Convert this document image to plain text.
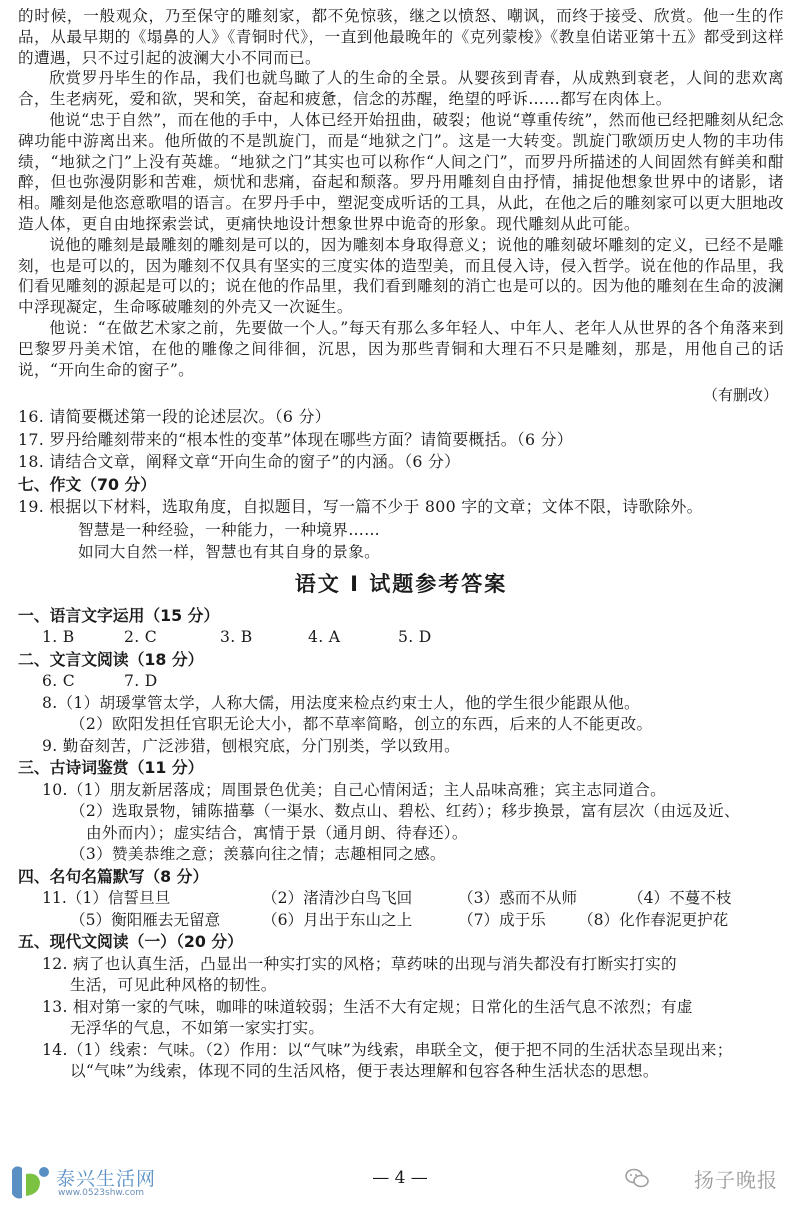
的时候，一般观众，乃至保守的雕刻家，都不免惊骇，继之以愤怒、嘲讽，而终于接受、欣赏。他一生的作品，从最早期的《塌鼻的人》《青铜时代》，一直到他最晚年的《克列蒙梭》《教皇伯诺亚第十五》都受到这样的遭遇，只不过引起的波澜大小不同而已。

欣赏罗丹毕生的作品，我们也就鸟瞰了人的生命的全景。从婴孩到青春，从成熟到衰老，人间的悲欢离合，生老病死，爱和欲，哭和笑，奋起和疲惫，信念的苏醒，绝望的呼诉……都写在肉体上。

他说“忠于自然”，而在他的手中，人体已经开始扭曲，破裂；他说“尊重传统”，然而他已经把雕刻从纪念碑功能中游离出来。他所做的不是凯旋门，而是“地狱之门”。这是一大转变。凯旋门歌颂历史人物的丰功伟绩，“地狱之门”上没有英雄。“地狱之门”其实也可以称作“人间之门”，而罗丹所描述的人间固然有鲜美和酣醉，但也弥漫阴影和苦难，烦忧和悲痛，奋起和颓落。罗丹用雕刻自由抒情，捕捉他想象世界中的诸影，诸相。雕刻是他恣意歌唱的语言。在罗丹手中，塑泥变成听话的工具，从此，在他之后的雕刻家可以更大胆地改造人体，更自由地探索尝试，更痛快地设计想象世界中诡奇的形象。现代雕刻从此可能。

说他的雕刻是最雕刻的雕刻是可以的，因为雕刻本身取得意义；说他的雕刻破坏雕刻的定义，已经不是雕刻，也是可以的，因为雕刻不仅具有坚实的三度实体的造型美，而且侵入诗，侵入哲学。说在他的作品里，我们看见雕刻的源起是可以的；说在他的作品里，我们看到雕刻的消亡也是可以的。因为他的雕刻在生命的波澜中浮现凝定，生命啄破雕刻的外壳又一次诞生。

他说：“在做艺术家之前，先要做一个人。”每天有那么多年轻人、中年人、老年人从世界的各个角落来到巴黎罗丹美术馆，在他的雕像之间徘徊，沉思，因为那些青铜和大理石不只是雕刻，那是，用他自己的话说，“开向生命的窗子”。

（有删改）

16. 请简要概述第一段的论述层次。（6 分）

17. 罗丹给雕刻带来的“根本性的变革”体现在哪些方面？请简要概括。（6 分）

18. 请结合文章，阐释文章“开向生命的窗子”的内涵。（6 分）

七、作文（70 分）

19. 根据以下材料，选取角度，自拟题目，写一篇不少于 800 字的文章；文体不限，诗歌除外。

智慧是一种经验，一种能力，一种境界……

如同大自然一样，智慧也有其自身的景象。

语文 Ⅰ 试题参考答案

一、语言文字运用（15 分）

1. B	2. C	3. B	4. A	5. D

二、文言文阅读（18 分）

6. C	7. D

8.（1）胡瑗掌管太学，人称大儒，用法度来检点约束士人，他的学生很少能跟从他。

（2）欧阳发担任官职无论大小，都不草率简略，创立的东西，后来的人不能更改。

9. 勤奋刻苦，广泛涉猎，刨根究底，分门别类，学以致用。

三、古诗词鉴赏（11 分）

10.（1）朋友新居落成；周围景色优美；自己心情闲适；主人品味高雅；宾主志同道合。

（2）选取景物，铺陈描摹（一渠水、数点山、碧松、红药）；移步换景，富有层次（由远及近、

由外而内）；虚实结合，寓情于景（通月朗、待春还）。

（3）赞美恭维之意；羡慕向往之情；志趣相同之感。

四、名句名篇默写（8 分）

11.（1）信誓旦旦	（2）渚清沙白鸟飞回	（3）惑而不从师	（4）不蔓不枝
（5）衡阳雁去无留意	（6）月出于东山之上	（7）成于乐	（8）化作春泥更护花

五、现代文阅读（一）（20 分）

12. 病了也认真生活，凸显出一种实打实的风格；草药味的出现与消失都没有打断实打实的

生活，可见此种风格的韧性。

13. 相对第一家的气味，咖啡的味道较弱；生活不大有定规；日常化的生活气息不浓烈；有虚

无浮华的气息，不如第一家实打实。

14.（1）线索：气味。（2）作用：以“气味”为线索，串联全文，便于把不同的生活状态呈现出来；

以“气味”为线索，体现不同的生活风格，便于表达理解和包容各种生活状态的思想。

泰兴生活网
www.0523shw.com
— 4 —	扬子晚报
